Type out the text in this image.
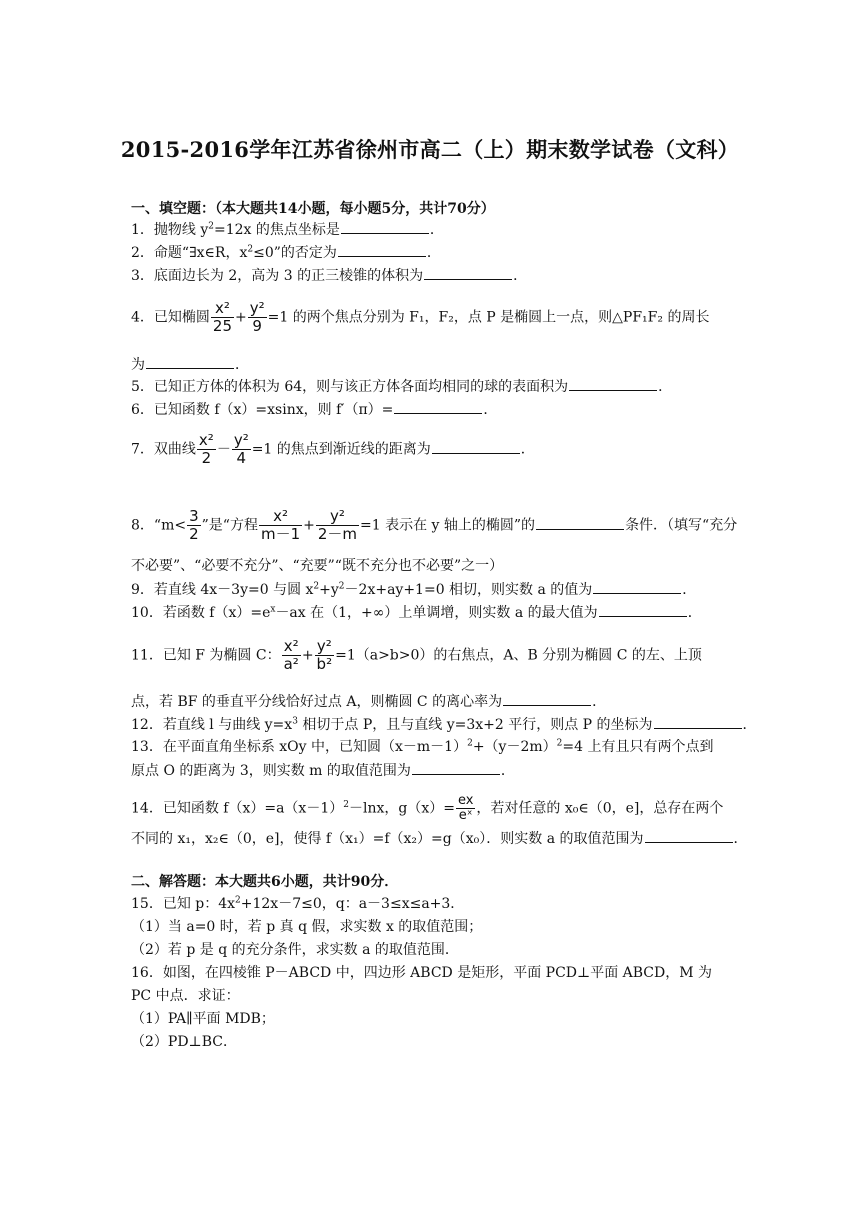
2015-2016学年江苏省徐州市高二（上）期末数学试卷（文科）
一、填空题：（本大题共14小题，每小题5分，共计70分）
1．抛物线 $y^2=12x$ 的焦点坐标是	．
2．命题“∃x∈R，$x^2\le 0$”的否定为	．
3．底面边长为 2，高为 3 的正三棱锥的体积为	．
4．已知椭圆 $\frac{\text{x²}}{25} + \frac{\text{y²}}{9} =1$ 的两个焦点分别为 F₁，F₂，点 P 是椭圆上一点，则△PF₁F₂ 的周长
为	．
5．已知正方体的体积为 64，则与该正方体各面均相同的球的表面积为	．
6．已知函数 f（x）=xsinx，则 f′（π）=	．
7．双曲线 $\frac{\text{x²}}{2} - \frac{\text{y²}}{4} =1$ 的焦点到渐近线的距离为	．
8．“$m< \frac{3}{2}$ ”是“方程 $\frac{\text{x²}}{m-1} + \frac{\text{y²}}{2-m} =1$ 表示在 y 轴上的椭圆”的	条件．（填写“充分
不必要”、“必要不充分”、“充要”“既不充分也不必要”之一）
9．若直线 4x－3y=0 与圆 $x^2+y^2-2x+ay+1=0$ 相切，则实数 a 的值为	．
10．若函数 $f(x)=e^x-ax$ 在（1，+∞）上单调增，则实数 a 的最大值为	．
11．已知 F 为椭圆 C： $\frac{\text{x²}}{\text{a²}} + \frac{\text{y²}}{\text{b²}} =1(a>b>0)$的右焦点，A、B 分别为椭圆 C 的左、上顶
点，若 BF 的垂直平分线恰好过点 A，则椭圆 C 的离心率为	．
12．若直线 l 与曲线 $y=x^3$ 相切于点 P，且与直线 y=3x+2 平行，则点 P 的坐标为	．
13．在平面直角坐标系 xOy 中，已知圆$(x-m-1)^2+(y-2m)^2=4$ 上有且只有两个点到
原点 O 的距离为 3，则实数 m 的取值范围为	．
14．已知函数 $f(x)=a(x-1)^2-\ln x$，$g(x)= \frac{ex}{\text{eˣ}}$ ，若对任意的 x₀∈（0，e]，总存在两个
不同的 x₁，x₂∈（0，e]，使得 f（x₁）=f（x₂）=g（x₀）．则实数 a 的取值范围为	．
二、解答题：本大题共6小题，共计90分．
15．已知 p：$4x^2+12x-7\le 0$，q：a－3≤x≤a+3．
（1）当 a=0 时，若 p 真 q 假，求实数 x 的取值范围；
（2）若 p 是 q 的充分条件，求实数 a 的取值范围．
16．如图，在四棱锥 P－ABCD 中，四边形 ABCD 是矩形，平面 PCD⊥平面 ABCD，M 为
PC 中点．求证：
（1）PA∥平面 MDB；
（2）PD⊥BC．
